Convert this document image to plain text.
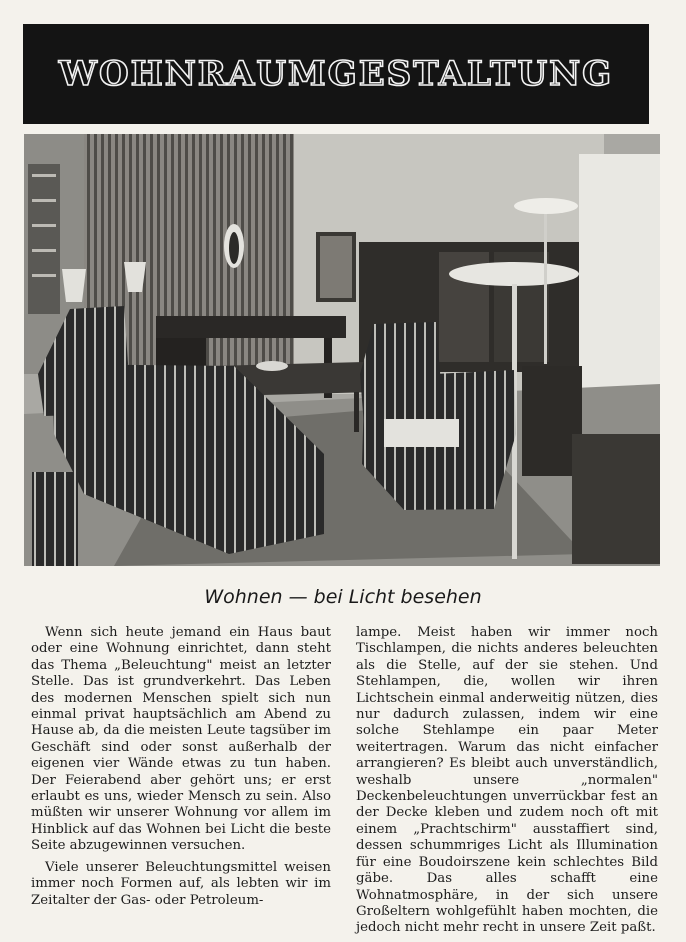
WOHNRAUMGESTALTUNG
Wohnen — bei Licht besehen

Wenn sich heute jemand ein Haus baut oder eine Wohnung einrichtet, dann steht das Thema „Beleuchtung" meist an letzter Stelle. Das ist grundverkehrt. Das Leben des modernen Menschen spielt sich nun einmal privat hauptsächlich am Abend zu Hause ab, da die meisten Leute tagsüber im Geschäft sind oder sonst außerhalb der eigenen vier Wände etwas zu tun haben. Der Feierabend aber gehört uns; er erst erlaubt es uns, wieder Mensch zu sein. Also müßten wir unserer Wohnung vor allem im Hinblick auf das Wohnen bei Licht die beste Seite abzugewinnen versuchen.

Viele unserer Beleuchtungsmittel weisen immer noch Formen auf, als lebten wir im Zeitalter der Gas- oder Petroleum-

lampe. Meist haben wir immer noch Tischlampen, die nichts anderes beleuchten als die Stelle, auf der sie stehen. Und Stehlampen, die, wollen wir ihren Lichtschein einmal anderweitig nützen, dies nur dadurch zulassen, indem wir eine solche Stehlampe ein paar Meter weitertragen. Warum das nicht einfacher arrangieren? Es bleibt auch unverständlich, weshalb unsere „normalen" Deckenbeleuchtungen unverrückbar fest an der Decke kleben und zudem noch oft mit einem „Prachtschirm" ausstaffiert sind, dessen schummriges Licht als Illumination für eine Boudoirszene kein schlechtes Bild gäbe. Das alles schafft eine Wohnatmosphäre, in der sich unsere Großeltern wohlgefühlt haben mochten, die jedoch nicht mehr recht in unsere Zeit paßt.
